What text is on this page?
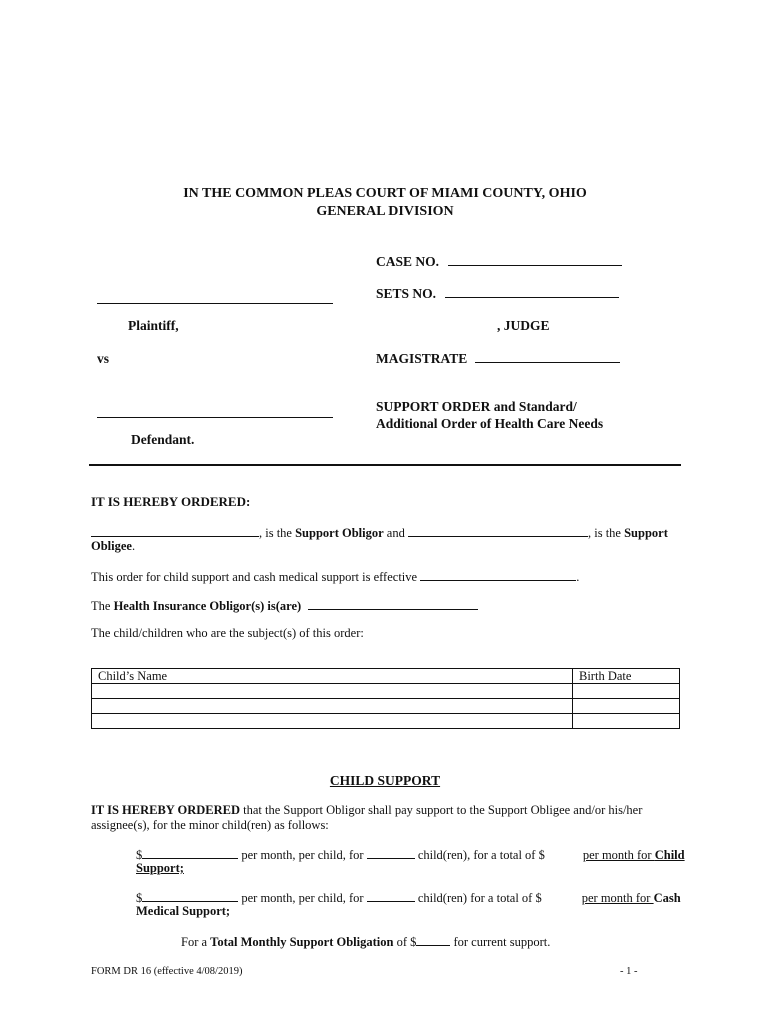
IN THE COMMON PLEAS COURT OF MIAMI COUNTY, OHIO
GENERAL DIVISION
CASE NO.
SETS NO.
Plaintiff,	, JUDGE
vs	MAGISTRATE
SUPPORT ORDER and Standard/
Additional Order of Health Care Needs
Defendant.
IT IS HEREBY ORDERED:
, is the Support Obligor and	, is the Support
Obligee.
This order for child support and cash medical support is effective	.
The Health Insurance Obligor(s) is(are)
The child/children who are the subject(s) of this order:
Child’s Name	Birth Date

CHILD SUPPORT
IT IS HEREBY ORDERED that the Support Obligor shall pay support to the Support Obligee and/or his/her
assignee(s), for the minor child(ren) as follows:
$	per month, per child, for	child(ren), for a total of $	per month for Child
Support;
$	per month, per child, for	child(ren) for a total of $	per month for Cash
Medical Support;
For a Total Monthly Support Obligation of $	for current support.
FORM DR 16 (effective 4/08/2019)	- 1 -
